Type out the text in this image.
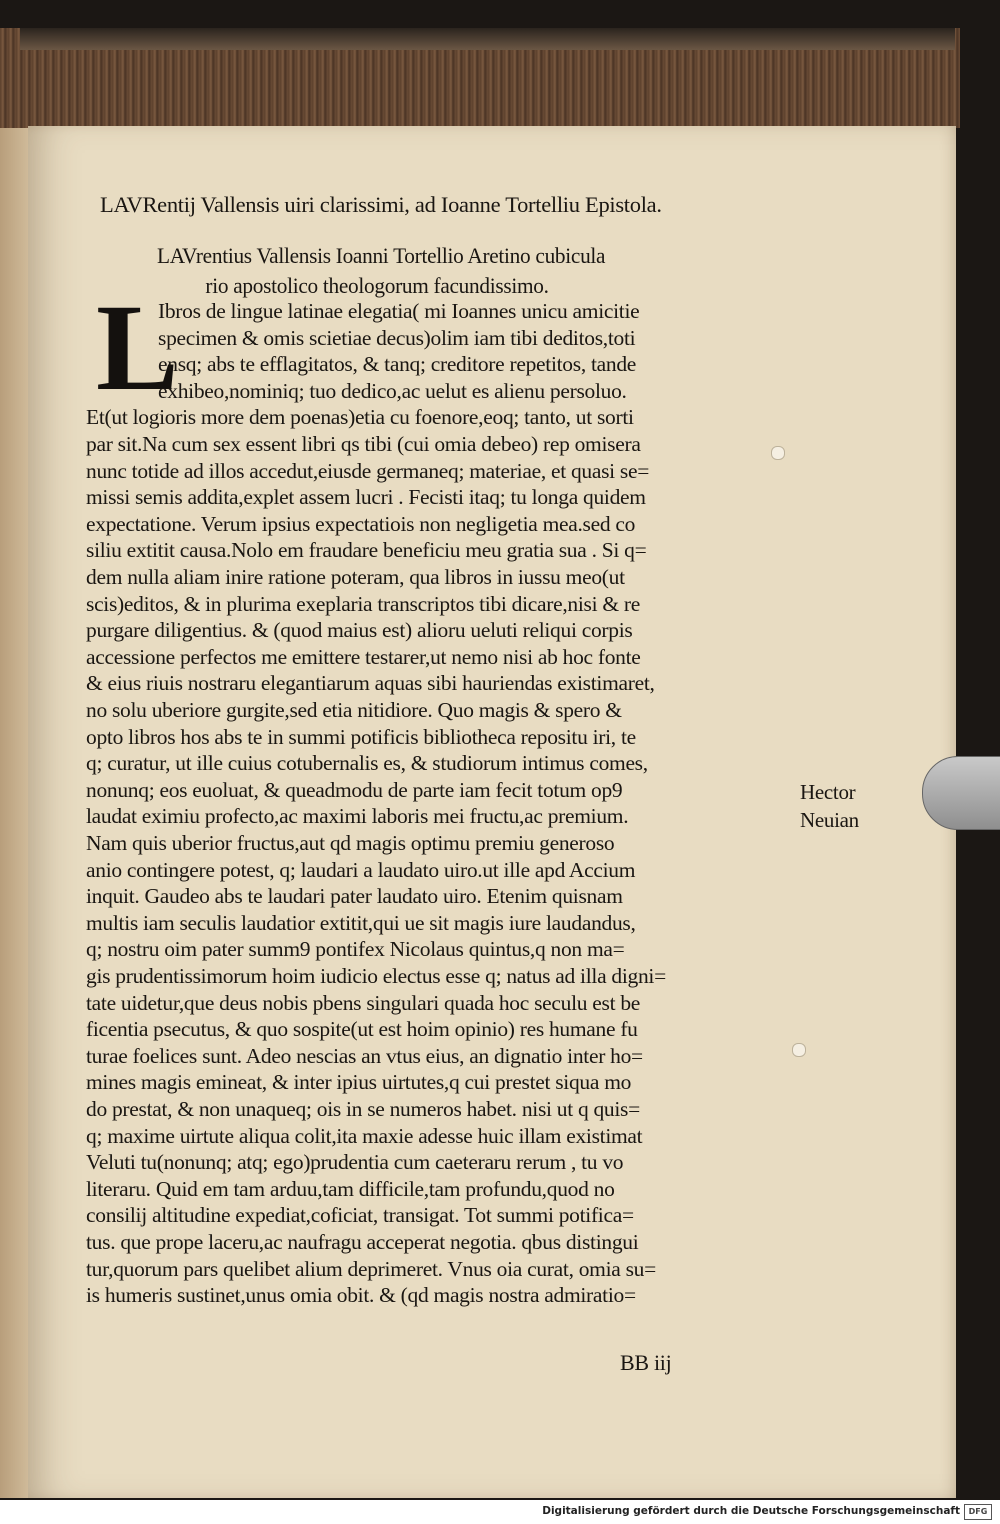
LAVRentij Vallensis uiri clarissimi, ad Ioanne Tortelliu Epistola.
LAVrentius Vallensis Ioanni Tortellio Aretino cubicula
rio apostolico theologorum facundissimo.
L
Ibros de lingue latinae elegatia( mi Ioannes unicu amicitie
specimen & omis scietiae decus)olim iam tibi deditos,toti
ensq; abs te efflagitatos, & tanq; creditore repetitos, tande
exhibeo,nominiq; tuo dedico,ac uelut es alienu persoluo.
Et(ut logioris more dem poenas)etia cu foenore,eoq; tanto, ut sorti
par sit.Na cum sex essent libri qs tibi (cui omia debeo) rep omisera
nunc totide ad illos accedut,eiusde germaneq; materiae, et quasi se=
missi semis addita,explet assem lucri . Fecisti itaq; tu longa quidem
expectatione. Verum ipsius expectatiois non negligetia mea.sed co
siliu extitit causa.Nolo em fraudare beneficiu meu gratia sua . Si q=
dem nulla aliam inire ratione poteram, qua libros in iussu meo(ut
scis)editos, & in plurima exeplaria transcriptos tibi dicare,nisi & re
purgare diligentius. & (quod maius est) alioru ueluti reliqui corpis
accessione perfectos me emittere testarer,ut nemo nisi ab hoc fonte
& eius riuis nostraru elegantiarum aquas sibi hauriendas existimaret,
no solu uberiore gurgite,sed etia nitidiore. Quo magis & spero &
opto libros hos abs te in summi potificis bibliotheca repositu iri, te
q; curatur, ut ille cuius cotubernalis es, & studiorum intimus comes,
nonunq; eos euoluat, & queadmodu de parte iam fecit totum op9
laudat eximiu profecto,ac maximi laboris mei fructu,ac premium.
Nam quis uberior fructus,aut qd magis optimu premiu generoso
anio contingere potest, q; laudari a laudato uiro.ut ille apd Accium
inquit. Gaudeo abs te laudari pater laudato uiro. Etenim quisnam
multis iam seculis laudatior extitit,qui ue sit magis iure laudandus,
q; nostru oim pater summ9 pontifex Nicolaus quintus,q non ma=
gis prudentissimorum hoim iudicio electus esse q; natus ad illa digni=
tate uidetur,que deus nobis pbens singulari quada hoc seculu est be
ficentia psecutus, & quo sospite(ut est hoim opinio) res humane fu
turae foelices sunt. Adeo nescias an vtus eius, an dignatio inter ho=
mines magis emineat, & inter ipius uirtutes,q cui prestet siqua mo
do prestat, & non unaqueq; ois in se numeros habet. nisi ut q quis=
q; maxime uirtute aliqua colit,ita maxie adesse huic illam existimat
Veluti tu(nonunq; atq; ego)prudentia cum caeteraru rerum , tu vo
literaru. Quid em tam arduu,tam difficile,tam profundu,quod no
consilij altitudine expediat,coficiat, transigat. Tot summi potifica=
tus. que prope laceru,ac naufragu acceperat negotia. qbus distingui
tur,quorum pars quelibet alium deprimeret. Vnus oia curat, omia su=
is humeris sustinet,unus omia obit. & (qd magis nostra admiratio=
Hector
Neuian
BB iij
Digitalisierung gefördert durch die Deutsche Forschungsgemeinschaft	DFG
